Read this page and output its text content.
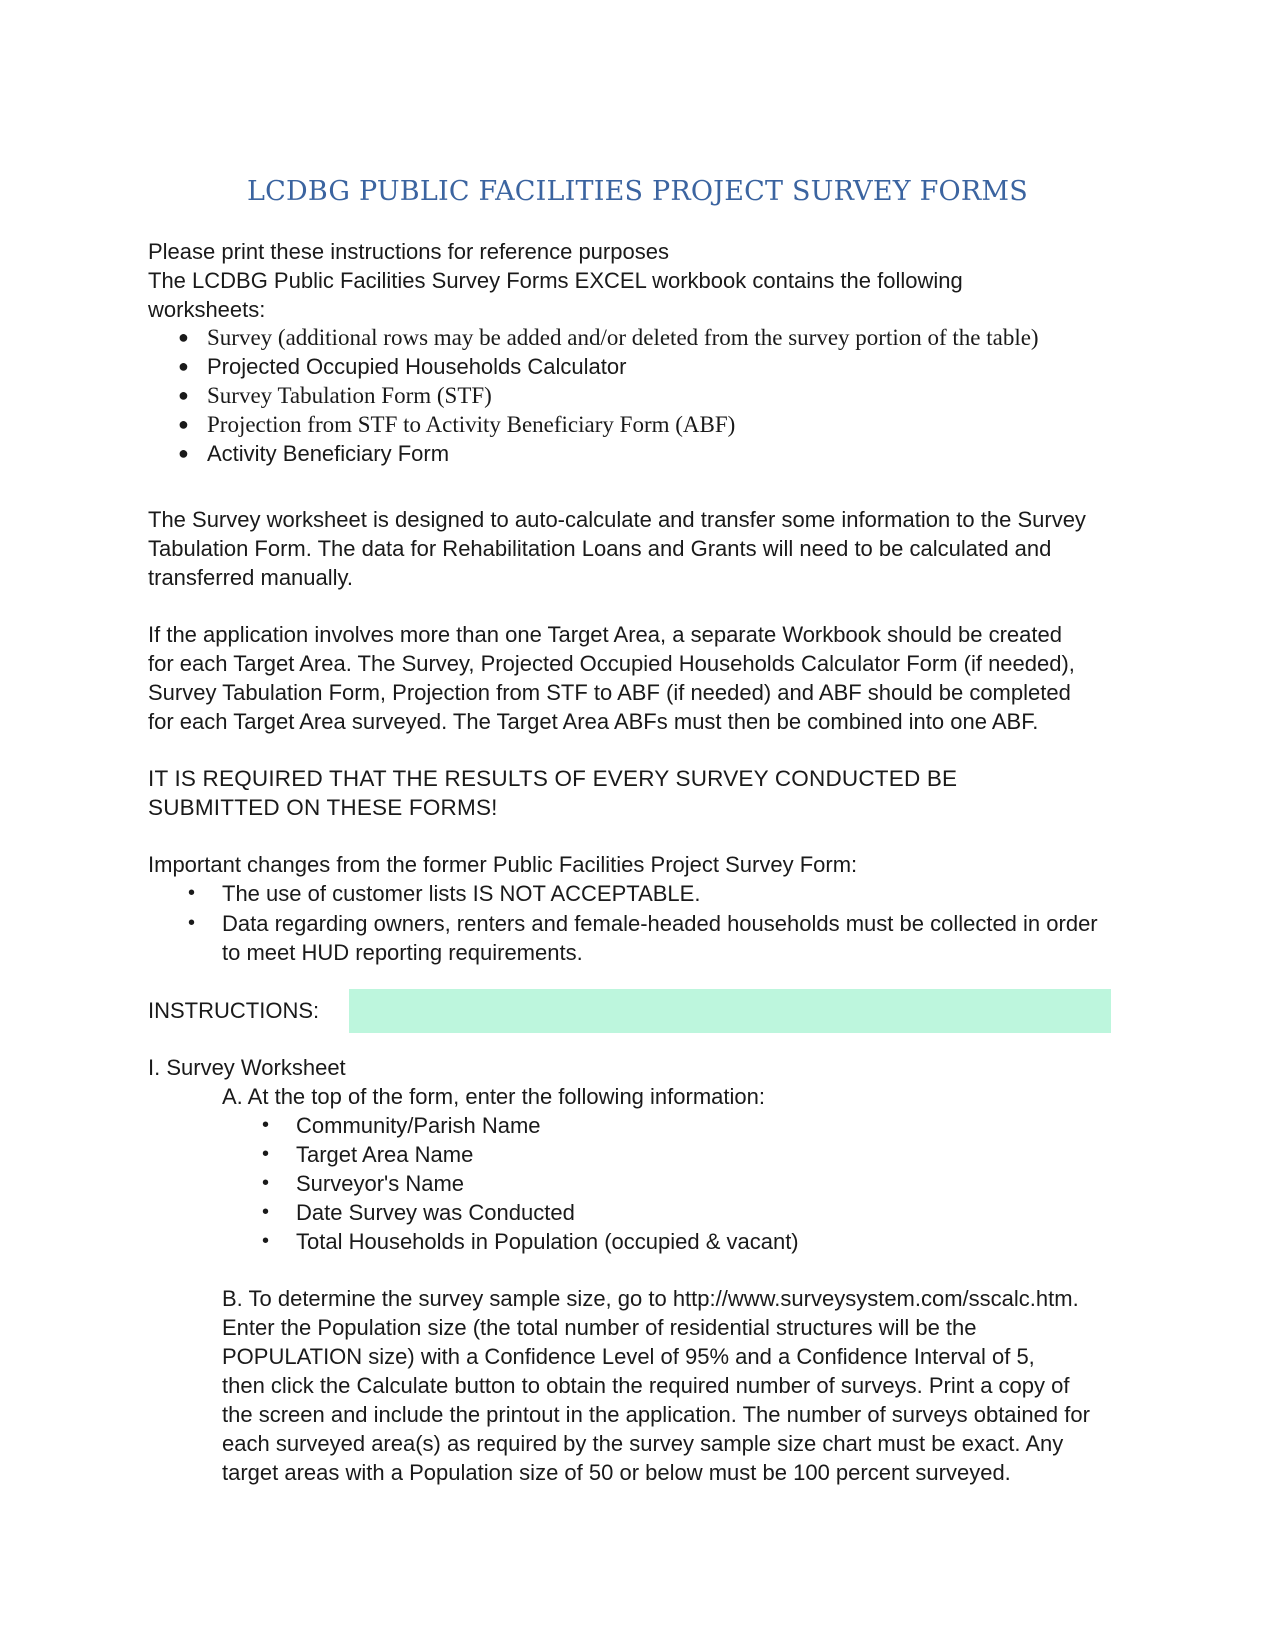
LCDBG PUBLIC FACILITIES PROJECT SURVEY FORMS
Please print these instructions for reference purposes
The LCDBG Public Facilities Survey Forms EXCEL workbook contains the following
worksheets:
● Survey (additional rows may be added and/or deleted from the survey portion of the table)
● Projected Occupied Households Calculator
● Survey Tabulation Form (STF)
● Projection from STF to Activity Beneficiary Form (ABF)
● Activity Beneficiary Form
The Survey worksheet is designed to auto-calculate and transfer some information to the Survey
Tabulation Form. The data for Rehabilitation Loans and Grants will need to be calculated and
transferred manually.
If the application involves more than one Target Area, a separate Workbook should be created
for each Target Area. The Survey, Projected Occupied Households Calculator Form (if needed),
Survey Tabulation Form, Projection from STF to ABF (if needed) and ABF should be completed
for each Target Area surveyed. The Target Area ABFs must then be combined into one ABF.
IT IS REQUIRED THAT THE RESULTS OF EVERY SURVEY CONDUCTED BE
SUBMITTED ON THESE FORMS!
Important changes from the former Public Facilities Project Survey Form:
• The use of customer lists IS NOT ACCEPTABLE.
• Data regarding owners, renters and female-headed households must be collected in order
to meet HUD reporting requirements.
INSTRUCTIONS:
I. Survey Worksheet
A. At the top of the form, enter the following information:
• Community/Parish Name
• Target Area Name
• Surveyor's Name
• Date Survey was Conducted
• Total Households in Population (occupied & vacant)
B. To determine the survey sample size, go to http://www.surveysystem.com/sscalc.htm.
Enter the Population size (the total number of residential structures will be the
POPULATION size) with a Confidence Level of 95% and a Confidence Interval of 5,
then click the Calculate button to obtain the required number of surveys. Print a copy of
the screen and include the printout in the application. The number of surveys obtained for
each surveyed area(s) as required by the survey sample size chart must be exact. Any
target areas with a Population size of 50 or below must be 100 percent surveyed.
